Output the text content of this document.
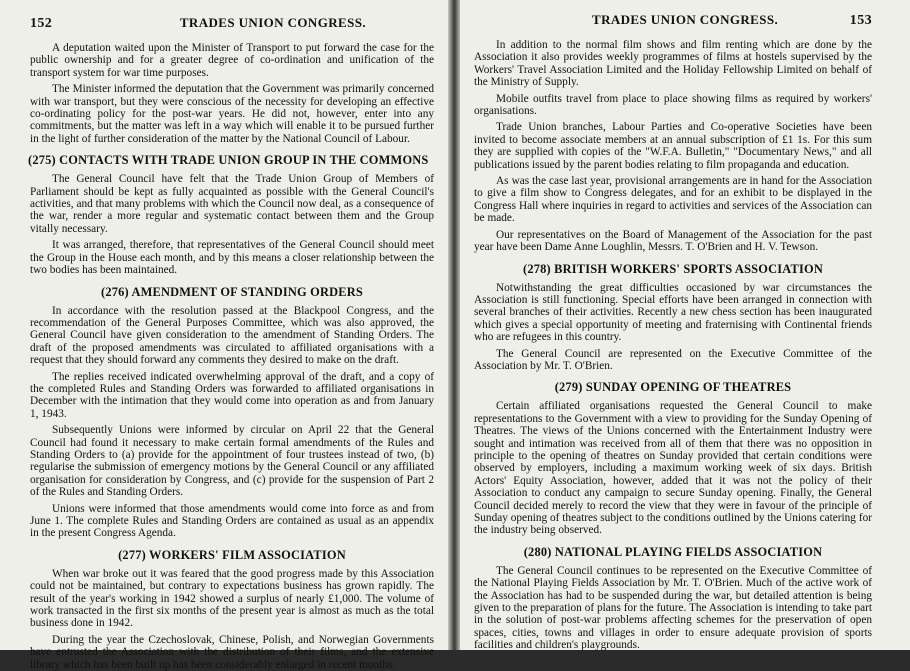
152	TRADES UNION CONGRESS.

A deputation waited upon the Minister of Transport to put forward the case for the public ownership and for a greater degree of co-ordination and unification of the transport system for war time purposes.

The Minister informed the deputation that the Government was primarily concerned with war transport, but they were conscious of the necessity for developing an effective co-ordinating policy for the post-war years. He did not, however, enter into any commitments, but the matter was left in a way which will enable it to be pursued further in the light of further consideration of the matter by the National Council of Labour.

(275) CONTACTS WITH TRADE UNION GROUP IN THE COMMONS

The General Council have felt that the Trade Union Group of Members of Parliament should be kept as fully acquainted as possible with the General Council's activities, and that many problems with which the Council now deal, as a consequence of the war, render a more regular and systematic contact between them and the Group vitally necessary.

It was arranged, therefore, that representatives of the General Council should meet the Group in the House each month, and by this means a closer relationship between the two bodies has been maintained.

(276) AMENDMENT OF STANDING ORDERS

In accordance with the resolution passed at the Blackpool Congress, and the recommendation of the General Purposes Committee, which was also approved, the General Council have given consideration to the amendment of Standing Orders. The draft of the proposed amendments was circulated to affiliated organisations with a request that they should forward any comments they desired to make on the draft.

The replies received indicated overwhelming approval of the draft, and a copy of the completed Rules and Standing Orders was forwarded to affiliated organisations in December with the intimation that they would come into operation as and from January 1, 1943.

Subsequently Unions were informed by circular on April 22 that the General Council had found it necessary to make certain formal amendments of the Rules and Standing Orders to (a) provide for the appointment of four trustees instead of two, (b) regularise the submission of emergency motions by the General Council or any affiliated organisation for consideration by Congress, and (c) provide for the suspension of Part 2 of the Rules and Standing Orders.

Unions were informed that those amendments would come into force as and from June 1. The complete Rules and Standing Orders are contained as usual as an appendix in the present Congress Agenda.

(277) WORKERS' FILM ASSOCIATION

When war broke out it was feared that the good progress made by this Association could not be maintained, but contrary to expectations business has grown rapidly. The result of the year's working in 1942 showed a surplus of nearly £1,000. The volume of work transacted in the first six months of the present year is almost as much as the total business done in 1942.

During the year the Czechoslovak, Chinese, Polish, and Norwegian Governments have entrusted the Association with the distribution of their films, and the extensive library which has been built up has been considerably enlarged in recent months.

TRADES UNION CONGRESS.	153

In addition to the normal film shows and film renting which are done by the Association it also provides weekly programmes of films at hostels supervised by the Workers' Travel Association Limited and the Holiday Fellowship Limited on behalf of the Ministry of Supply.

Mobile outfits travel from place to place showing films as required by workers' organisations.

Trade Union branches, Labour Parties and Co-operative Societies have been invited to become associate members at an annual subscription of £1 1s. For this sum they are supplied with copies of the "W.F.A. Bulletin," "Documentary News," and all publications issued by the parent bodies relating to film propaganda and education.

As was the case last year, provisional arrangements are in hand for the Association to give a film show to Congress delegates, and for an exhibit to be displayed in the Congress Hall where inquiries in regard to activities and services of the Association can be made.

Our representatives on the Board of Management of the Association for the past year have been Dame Anne Loughlin, Messrs. T. O'Brien and H. V. Tewson.

(278) BRITISH WORKERS' SPORTS ASSOCIATION

Notwithstanding the great difficulties occasioned by war circumstances the Association is still functioning. Special efforts have been arranged in connection with several branches of their activities. Recently a new chess section has been inaugurated which gives a special opportunity of meeting and fraternising with Continental friends who are refugees in this country.

The General Council are represented on the Executive Committee of the Association by Mr. T. O'Brien.

(279) SUNDAY OPENING OF THEATRES

Certain affiliated organisations requested the General Council to make representations to the Government with a view to providing for the Sunday Opening of Theatres. The views of the Unions concerned with the Entertainment Industry were sought and intimation was received from all of them that there was no opposition in principle to the opening of theatres on Sunday provided that certain conditions were observed by employers, including a maximum working week of six days. British Actors' Equity Association, however, added that it was not the policy of their Association to conduct any campaign to secure Sunday opening. Finally, the General Council decided merely to record the view that they were in favour of the principle of Sunday opening of theatres subject to the conditions outlined by the Unions catering for the industry being observed.

(280) NATIONAL PLAYING FIELDS ASSOCIATION

The General Council continues to be represented on the Executive Committee of the National Playing Fields Association by Mr. T. O'Brien. Much of the active work of the Association has had to be suspended during the war, but detailed attention is being given to the preparation of plans for the future. The Association is intending to take part in the solution of post-war problems affecting schemes for the preservation of open spaces, cities, towns and villages in order to ensure adequate provision of sports facilities and children's playgrounds.
